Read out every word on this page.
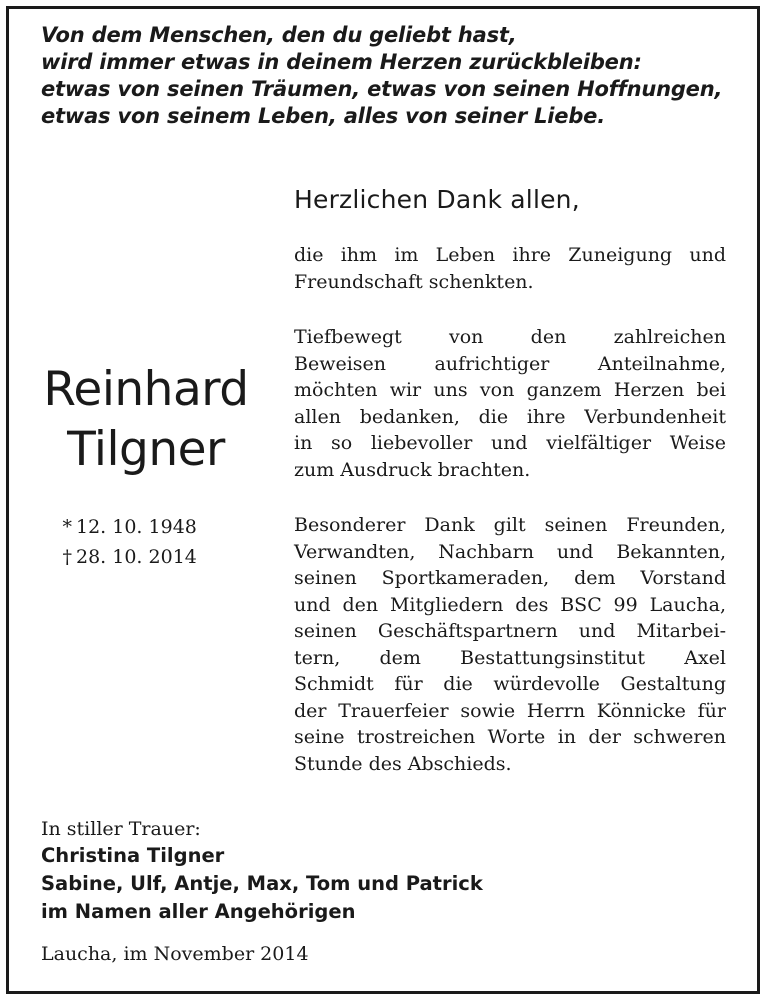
Von dem Menschen, den du geliebt hast,
wird immer etwas in deinem Herzen zurückbleiben:
etwas von seinen Träumen, etwas von seinen Hoffnungen,
etwas von seinem Leben, alles von seiner Liebe.
Herzlichen Dank allen,
die ihm im Leben ihre Zuneigung und
Freundschaft schenkten.
Tiefbewegt von den zahlreichen
Beweisen aufrichtiger Anteilnahme,
möchten wir uns von ganzem Herzen bei
allen bedanken, die ihre Verbundenheit
in so liebevoller und vielfältiger Weise
zum Ausdruck brachten.
Besonderer Dank gilt seinen Freunden,
Verwandten, Nachbarn und Bekannten,
seinen Sportkameraden, dem Vorstand
und den Mitgliedern des BSC 99 Laucha,
seinen Geschäftspartnern und Mitarbei-
tern, dem Bestattungsinstitut Axel
Schmidt für die würdevolle Gestaltung
der Trauerfeier sowie Herrn Könnicke für
seine trostreichen Worte in der schweren
Stunde des Abschieds.
Reinhard
Tilgner
* 12. 10. 1948
† 28. 10. 2014
In stiller Trauer:
Christina Tilgner
Sabine, Ulf, Antje, Max, Tom und Patrick
im Namen aller Angehörigen
Laucha, im November 2014
